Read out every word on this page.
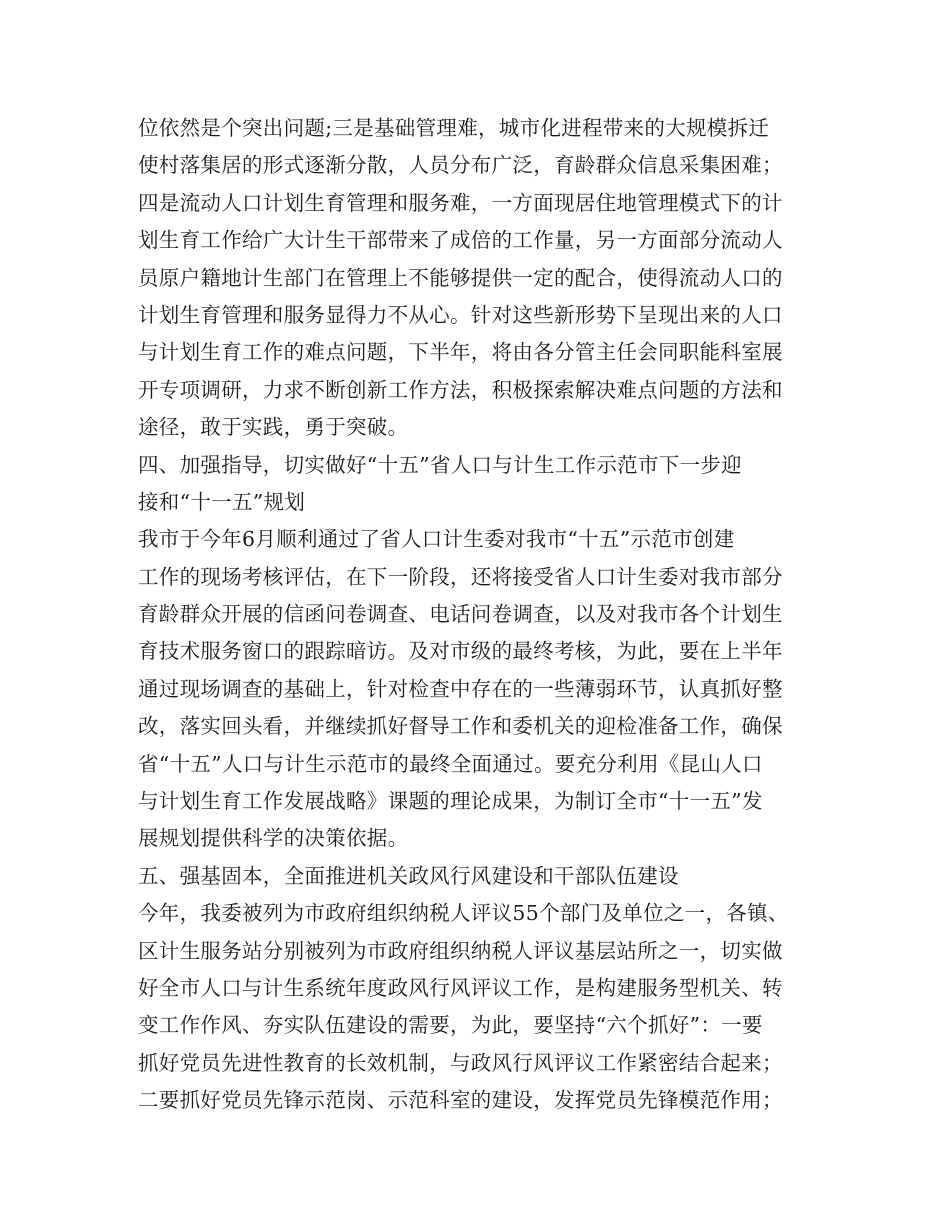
位依然是个突出问题;三是基础管理难，城市化进程带来的大规模拆迁
使村落集居的形式逐渐分散，人员分布广泛，育龄群众信息采集困难；
四是流动人口计划生育管理和服务难，一方面现居住地管理模式下的计
划生育工作给广大计生干部带来了成倍的工作量，另一方面部分流动人
员原户籍地计生部门在管理上不能够提供一定的配合，使得流动人口的
计划生育管理和服务显得力不从心。针对这些新形势下呈现出来的人口
与计划生育工作的难点问题，下半年，将由各分管主任会同职能科室展
开专项调研，力求不断创新工作方法，积极探索解决难点问题的方法和
途径，敢于实践，勇于突破。
四、加强指导，切实做好“十五”省人口与计生工作示范市下一步迎
接和“十一五”规划
我市于今年6月顺利通过了省人口计生委对我市“十五”示范市创建
工作的现场考核评估，在下一阶段，还将接受省人口计生委对我市部分
育龄群众开展的信函问卷调查、电话问卷调查，以及对我市各个计划生
育技术服务窗口的跟踪暗访。及对市级的最终考核，为此，要在上半年
通过现场调查的基础上，针对检查中存在的一些薄弱环节，认真抓好整
改，落实回头看，并继续抓好督导工作和委机关的迎检准备工作，确保
省“十五”人口与计生示范市的最终全面通过。要充分利用《昆山人口
与计划生育工作发展战略》课题的理论成果，为制订全市“十一五”发
展规划提供科学的决策依据。
五、强基固本，全面推进机关政风行风建设和干部队伍建设
今年，我委被列为市政府组织纳税人评议55个部门及单位之一，各镇、
区计生服务站分别被列为市政府组织纳税人评议基层站所之一，切实做
好全市人口与计生系统年度政风行风评议工作，是构建服务型机关、转
变工作作风、夯实队伍建设的需要，为此，要坚持“六个抓好”：一要
抓好党员先进性教育的长效机制，与政风行风评议工作紧密结合起来；
二要抓好党员先锋示范岗、示范科室的建设，发挥党员先锋模范作用；
